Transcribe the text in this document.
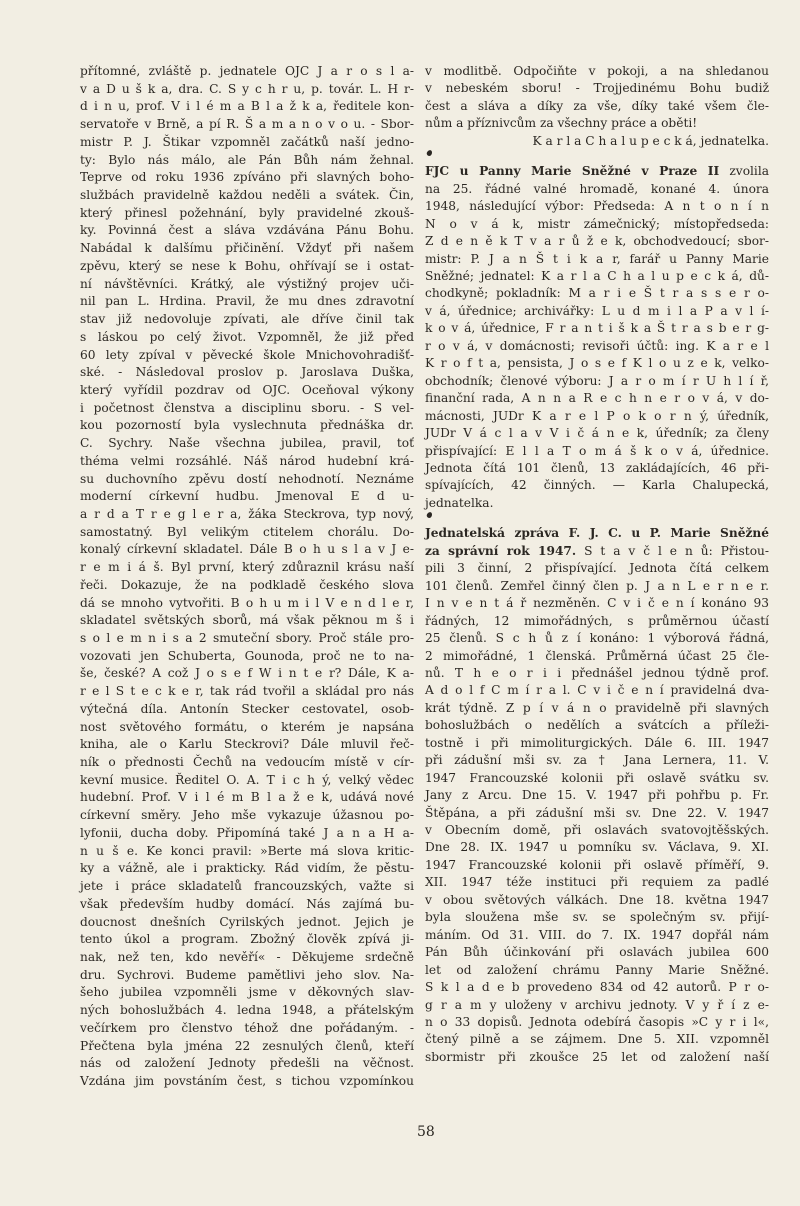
přítomné, zvláště p. jednatele OJC J a r o s l a-
v a D u š k a, dra. C. S y c h r u, p. továr. L. H r-
d i n u, prof. V i l é m a B l a ž k a, ředitele kon-
servatoře v Brně, a pí R. Š a m a n o v o u. - Sbor-
mistr P. J. Štikar vzpomněl začátků naší jedno-
ty: Bylo nás málo, ale Pán Bůh nám žehnal.
Teprve od roku 1936 zpíváno při slavných boho-
službách pravidelně každou neděli a svátek. Čin,
který přinesl požehnání, byly pravidelné zkouš-
ky. Povinná čest a sláva vzdávána Pánu Bohu.
Nabádal k dalšímu přičinění. Vždyť při našem
zpěvu, který se nese k Bohu, ohřívají se i ostat-
ní návštěvníci. Krátký, ale výstižný projev uči-
nil pan L. Hrdina. Pravil, že mu dnes zdravotní
stav již nedovoluje zpívati, ale dříve činil tak
s láskou po celý život. Vzpomněl, že již před
60 lety zpíval v pěvecké škole Mnichovohradišť-
ské. - Následoval proslov p. Jaroslava Duška,
který vyřídil pozdrav od OJC. Oceňoval výkony
i početnost členstva a disciplinu sboru. - S vel-
kou pozorností byla vyslechnuta přednáška dr.
C. Sychry. Naše všechna jubilea, pravil, toť
théma velmi rozsáhlé. Náš národ hudební krá-
su duchovního zpěvu dostí nehodnotí. Neznáme
moderní církevní hudbu. Jmenoval E d u-
a r d a T r e g l e r a, žáka Steckrova, typ nový,
samostatný. Byl velikým ctitelem chorálu. Do-
konalý církevní skladatel. Dále B o h u s l a v J e-
r e m i á š. Byl první, který zdůraznil krásu naší
řeči. Dokazuje, že na podkladě českého slova
dá se mnoho vytvořiti. B o h u m i l V e n d l e r,
skladatel světských sborů, má však pěknou m š i
s o l e m n i s a 2 smuteční sbory. Proč stále pro-
vozovati jen Schuberta, Gounoda, proč ne to na-
še, české? A což J o s e f W i n t e r? Dále, K a-
r e l S t e c k e r, tak rád tvořil a skládal pro nás
výtečná díla. Antonín Stecker cestovatel, osob-
nost světového formátu, o kterém je napsána
kniha, ale o Karlu Steckrovi? Dále mluvil řeč-
ník o přednosti Čechů na vedoucím místě v cír-
kevní musice. Ředitel O. A. T i c h ý, velký vědec
hudební. Prof. V i l é m B l a ž e k, udává nové
církevní směry. Jeho mše vykazuje úžasnou po-
lyfonii, ducha doby. Připomíná také J a n a H a-
n u š e. Ke konci pravil: »Berte má slova kritic-
ky a vážně, ale i prakticky. Rád vidím, že pěstu-
jete i práce skladatelů francouzských, važte si
však především hudby domácí. Nás zajímá bu-
doucnost dnešních Cyrilských jednot. Jejich je
tento úkol a program. Zbožný člověk zpívá ji-
nak, než ten, kdo nevěří« - Děkujeme srdečně
dru. Sychrovi. Budeme pamětlivi jeho slov. Na-
šeho jubilea vzpomněli jsme v děkovných slav-
ných bohoslužbách 4. ledna 1948, a přátelským
večírkem pro členstvo téhož dne pořádaným. -
Přečtena byla jména 22 zesnulých členů, kteří
nás od založení Jednoty předešli na věčnost.
Vzdána jim povstáním čest, s tichou vzpomínkou
v modlitbě. Odpočiňte v pokoji, a na shledanou
v nebeském sboru! - Trojjedinému Bohu budiž
čest a sláva a díky za vše, díky také všem čle-
nům a příznivcům za všechny práce a oběti!
K a r l a C h a l u p e c k á, jednatelka.
FJC u Panny Marie Sněžné v Praze II zvolila
na 25. řádné valné hromadě, konané 4. února
1948, následující výbor: Předseda: A n t o n í n
N o v á k, mistr zámečnický; místopředseda:
Z d e n ě k T v a r ů ž e k, obchodvedoucí; sbor-
mistr: P. J a n Š t i k a r, farář u Panny Marie
Sněžné; jednatel: K a r l a C h a l u p e c k á, dů-
chodkyně; pokladník: M a r i e Š t r a s s e r o-
v á, úřednice; archivářky: L u d m i l a P a v l í-
k o v á, úřednice, F r a n t i š k a Š t r a s b e r g-
r o v á, v domácnosti; revisoři účtů: ing. K a r e l
K r o f t a, pensista, J o s e f K l o u z e k, velko-
obchodník; členové výboru: J a r o m í r U h l í ř,
finanční rada, A n n a R e c h n e r o v á, v do-
mácnosti, JUDr K a r e l P o k o r n ý, úředník,
JUDr V á c l a v V i č á n e k, úředník; za členy
přispívající: E l l a T o m á š k o v á, úřednice.
Jednota čítá 101 členů, 13 zakládajících, 46 při-
spívajících, 42 činných. — Karla Chalupecká,
jednatelka.
Jednatelská zpráva F. J. C. u P. Marie Sněžné
za správní rok 1947. S t a v č l e n ů: Přistou-
pili 3 činní, 2 přispívající. Jednota čítá celkem
101 členů. Zemřel činný člen p. J a n L e r n e r.
I n v e n t á ř nezměněn. C v i č e n í konáno 93
řádných, 12 mimořádných, s průměrnou účastí
25 členů. S c h ů z í konáno: 1 výborová řádná,
2 mimořádné, 1 členská. Průměrná účast 25 čle-
nů. T h e o r i i přednášel jednou týdně prof.
A d o l f C m í r a l. C v i č e n í pravidelná dva-
krát týdně. Z p í v á n o pravidelně při slavných
bohoslužbách o nedělích a svátcích a příleži-
tostně i při mimoliturgických. Dále 6. III. 1947
při zádušní mši sv. za † Jana Lernera, 11. V.
1947 Francouzské kolonii při oslavě svátku sv.
Jany z Arcu. Dne 15. V. 1947 při pohřbu p. Fr.
Štěpána, a při zádušní mši sv. Dne 22. V. 1947
v Obecním domě, při oslavách svatovojtěšských.
Dne 28. IX. 1947 u pomníku sv. Václava, 9. XI.
1947 Francouzské kolonii při oslavě příměří, 9.
XII. 1947 téže instituci při requiem za padlé
v obou světových válkách. Dne 18. května 1947
byla sloužena mše sv. se společným sv. přijí-
máním. Od 31. VIII. do 7. IX. 1947 dopřál nám
Pán Bůh účinkování při oslavách jubilea 600
let od založení chrámu Panny Marie Sněžné.
S k l a d e b provedeno 834 od 42 autorů. P r o-
g r a m y uloženy v archivu jednoty. V y ř í z e-
n o 33 dopisů. Jednota odebírá časopis »C y r i l«,
čtený pilně a se zájmem. Dne 5. XII. vzpomněl
sbormistr při zkoušce 25 let od založení naší
58
